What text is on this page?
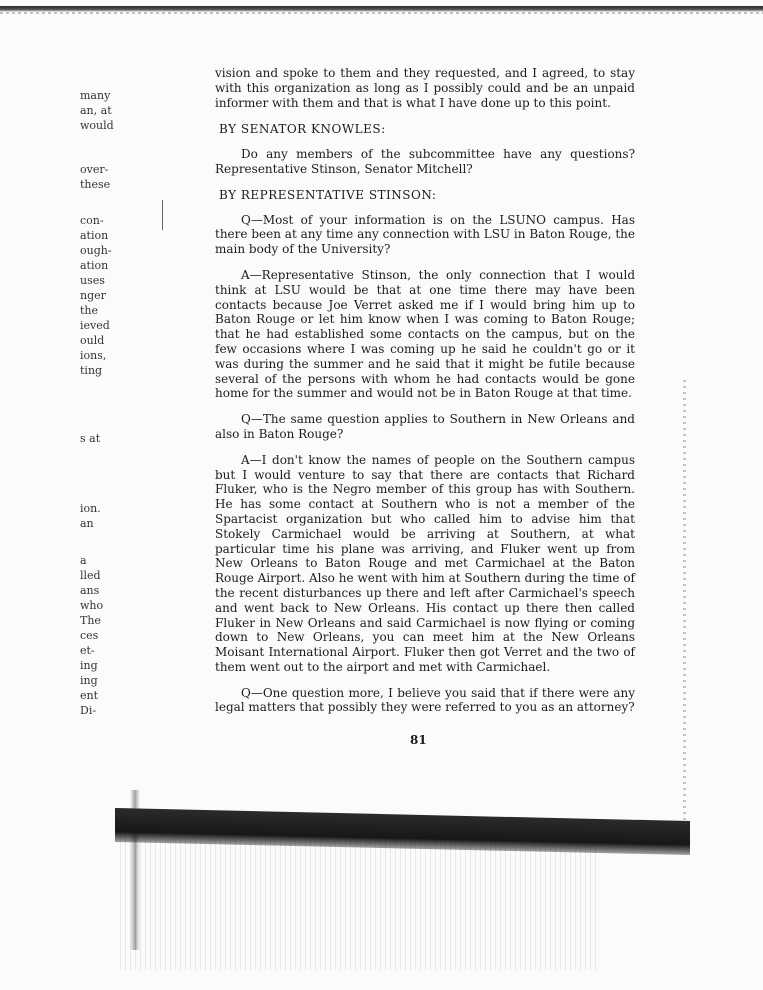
many
an, at
would
over-
these
con-
ation
ough-
ation
uses
nger
the
ieved
ould
ions,
ting
s at
ion.
an
a
lled
ans
who
The
ces
et-
ing
ing
ent
Di-

vision and spoke to them and they requested, and I agreed, to stay with this organization as long as I possibly could and be an unpaid informer with them and that is what I have done up to this point.

BY SENATOR KNOWLES:

Do any members of the subcommittee have any questions? Representative Stinson, Senator Mitchell?

BY REPRESENTATIVE STINSON:

Q—Most of your information is on the LSUNO campus. Has there been at any time any connection with LSU in Baton Rouge, the main body of the University?

A—Representative Stinson, the only connection that I would think at LSU would be that at one time there may have been contacts because Joe Verret asked me if I would bring him up to Baton Rouge or let him know when I was coming to Baton Rouge; that he had established some contacts on the campus, but on the few occasions where I was coming up he said he couldn't go or it was during the summer and he said that it might be futile because several of the persons with whom he had contacts would be gone home for the summer and would not be in Baton Rouge at that time.

Q—The same question applies to Southern in New Orleans and also in Baton Rouge?

A—I don't know the names of people on the Southern campus but I would venture to say that there are contacts that Richard Fluker, who is the Negro member of this group has with Southern. He has some contact at Southern who is not a member of the Spartacist organization but who called him to advise him that Stokely Carmichael would be arriving at Southern, at what particular time his plane was arriving, and Fluker went up from New Orleans to Baton Rouge and met Carmichael at the Baton Rouge Airport. Also he went with him at Southern during the time of the recent disturbances up there and left after Carmichael's speech and went back to New Orleans. His contact up there then called Fluker in New Orleans and said Carmichael is now flying or coming down to New Orleans, you can meet him at the New Orleans Moisant International Airport. Fluker then got Verret and the two of them went out to the airport and met with Carmichael.

Q—One question more, I believe you said that if there were any legal matters that possibly they were referred to you as an attorney?

81
